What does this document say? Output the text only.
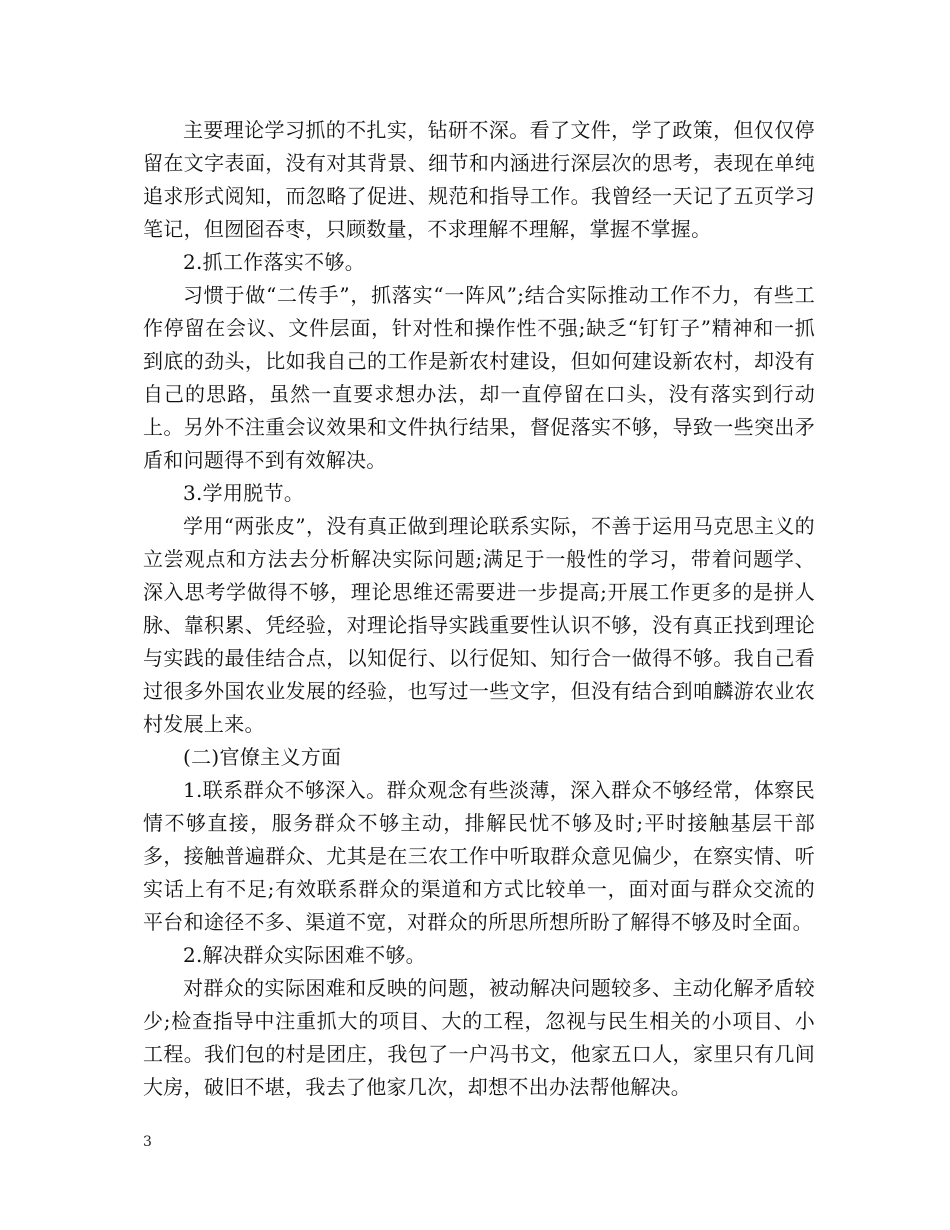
主要理论学习抓的不扎实，钻研不深。看了文件，学了政策，但仅仅停留在文字表面，没有对其背景、细节和内涵进行深层次的思考，表现在单纯追求形式阅知，而忽略了促进、规范和指导工作。我曾经一天记了五页学习笔记，但囫囵吞枣，只顾数量，不求理解不理解，掌握不掌握。

2.抓工作落实不够。

习惯于做“二传手”，抓落实“一阵风”;结合实际推动工作不力，有些工作停留在会议、文件层面，针对性和操作性不强;缺乏“钉钉子”精神和一抓到底的劲头，比如我自己的工作是新农村建设，但如何建设新农村，却没有自己的思路，虽然一直要求想办法，却一直停留在口头，没有落实到行动上。另外不注重会议效果和文件执行结果，督促落实不够，导致一些突出矛盾和问题得不到有效解决。

3.学用脱节。

学用“两张皮”，没有真正做到理论联系实际，不善于运用马克思主义的立尝观点和方法去分析解决实际问题;满足于一般性的学习，带着问题学、深入思考学做得不够，理论思维还需要进一步提高;开展工作更多的是拼人脉、靠积累、凭经验，对理论指导实践重要性认识不够，没有真正找到理论与实践的最佳结合点，以知促行、以行促知、知行合一做得不够。我自己看过很多外国农业发展的经验，也写过一些文字，但没有结合到咱麟游农业农村发展上来。

(二)官僚主义方面

1.联系群众不够深入。群众观念有些淡薄，深入群众不够经常，体察民情不够直接，服务群众不够主动，排解民忧不够及时;平时接触基层干部多，接触普遍群众、尤其是在三农工作中听取群众意见偏少，在察实情、听实话上有不足;有效联系群众的渠道和方式比较单一，面对面与群众交流的平台和途径不多、渠道不宽，对群众的所思所想所盼了解得不够及时全面。

2.解决群众实际困难不够。

对群众的实际困难和反映的问题，被动解决问题较多、主动化解矛盾较少;检查指导中注重抓大的项目、大的工程，忽视与民生相关的小项目、小工程。我们包的村是团庄，我包了一户冯书文，他家五口人，家里只有几间大房，破旧不堪，我去了他家几次，却想不出办法帮他解决。

3
